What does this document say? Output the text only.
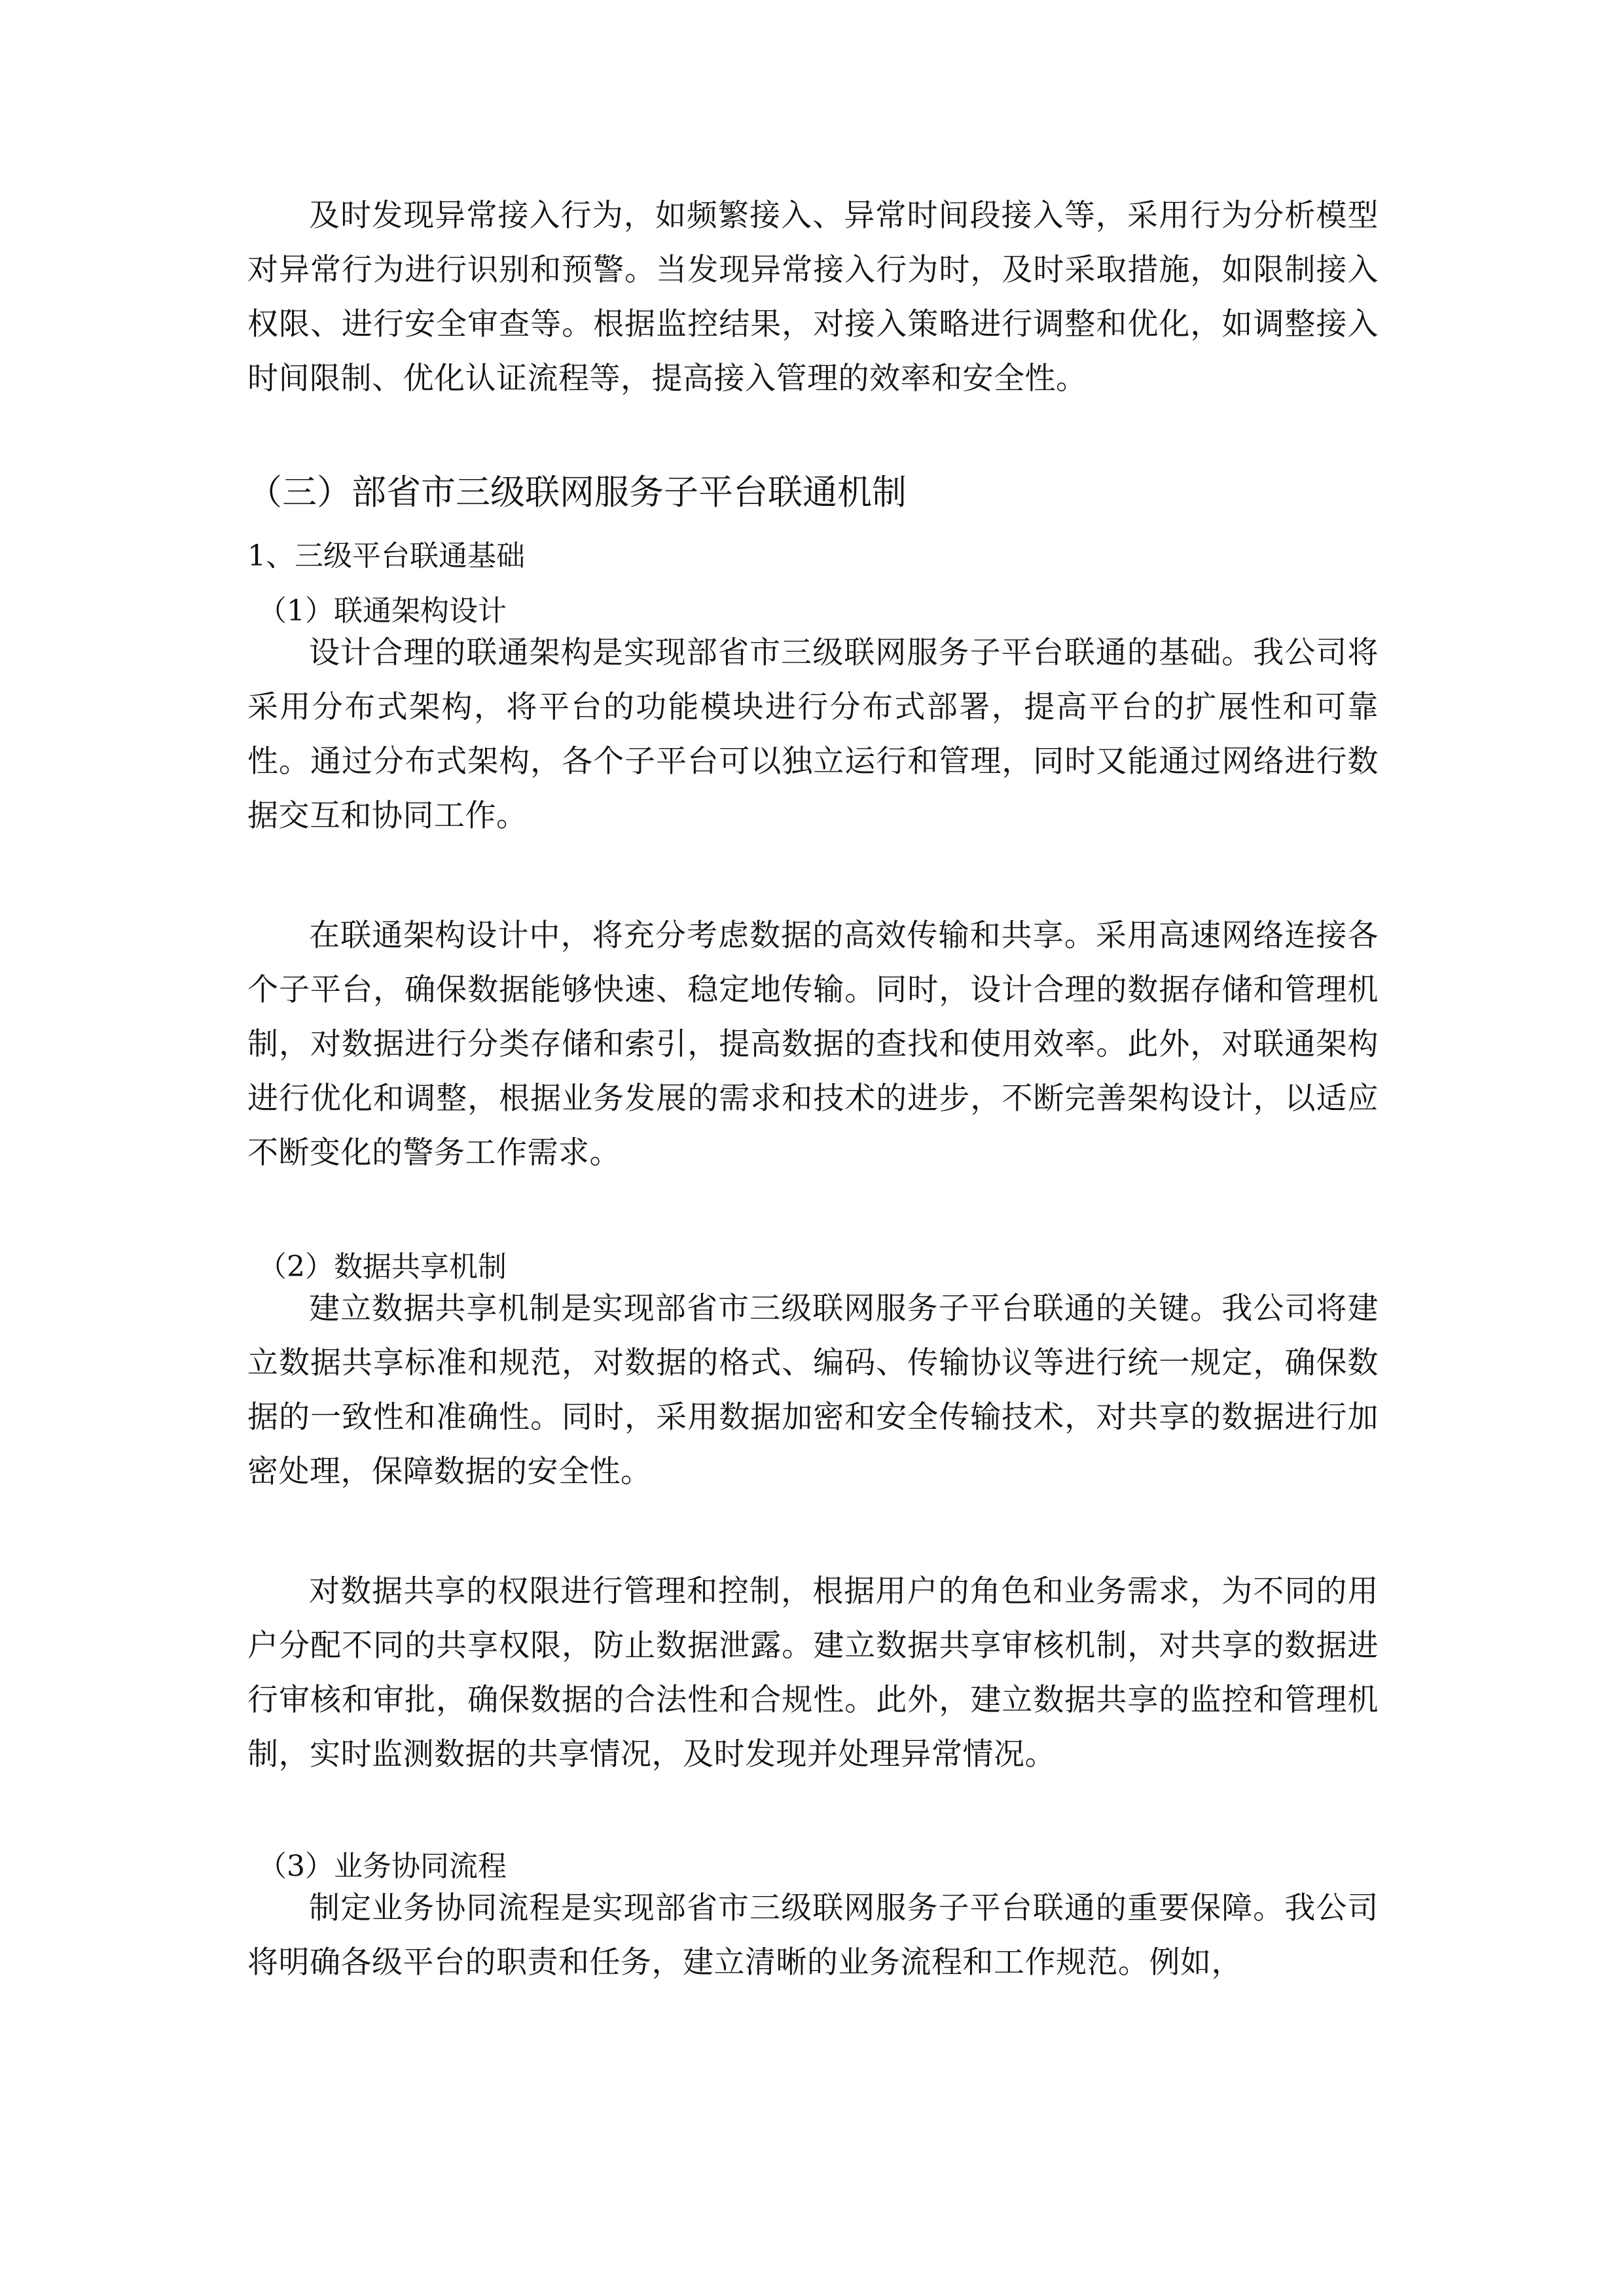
及时发现异常接入行为，如频繁接入、异常时间段接入等，采用行为分析模型对异常行为进行识别和预警。当发现异常接入行为时，及时采取措施，如限制接入权限、进行安全审查等。根据监控结果，对接入策略进行调整和优化，如调整接入时间限制、优化认证流程等，提高接入管理的效率和安全性。

（三）部省市三级联网服务子平台联通机制
1、三级平台联通基础
（1）联通架构设计

设计合理的联通架构是实现部省市三级联网服务子平台联通的基础。我公司将采用分布式架构，将平台的功能模块进行分布式部署，提高平台的扩展性和可靠性。通过分布式架构，各个子平台可以独立运行和管理，同时又能通过网络进行数据交互和协同工作。

在联通架构设计中，将充分考虑数据的高效传输和共享。采用高速网络连接各个子平台，确保数据能够快速、稳定地传输。同时，设计合理的数据存储和管理机制，对数据进行分类存储和索引，提高数据的查找和使用效率。此外，对联通架构进行优化和调整，根据业务发展的需求和技术的进步，不断完善架构设计，以适应不断变化的警务工作需求。

（2）数据共享机制

建立数据共享机制是实现部省市三级联网服务子平台联通的关键。我公司将建立数据共享标准和规范，对数据的格式、编码、传输协议等进行统一规定，确保数据的一致性和准确性。同时，采用数据加密和安全传输技术，对共享的数据进行加密处理，保障数据的安全性。

对数据共享的权限进行管理和控制，根据用户的角色和业务需求，为不同的用户分配不同的共享权限，防止数据泄露。建立数据共享审核机制，对共享的数据进行审核和审批，确保数据的合法性和合规性。此外，建立数据共享的监控和管理机制，实时监测数据的共享情况，及时发现并处理异常情况。

（3）业务协同流程

制定业务协同流程是实现部省市三级联网服务子平台联通的重要保障。我公司将明确各级平台的职责和任务，建立清晰的业务流程和工作规范。例如，
